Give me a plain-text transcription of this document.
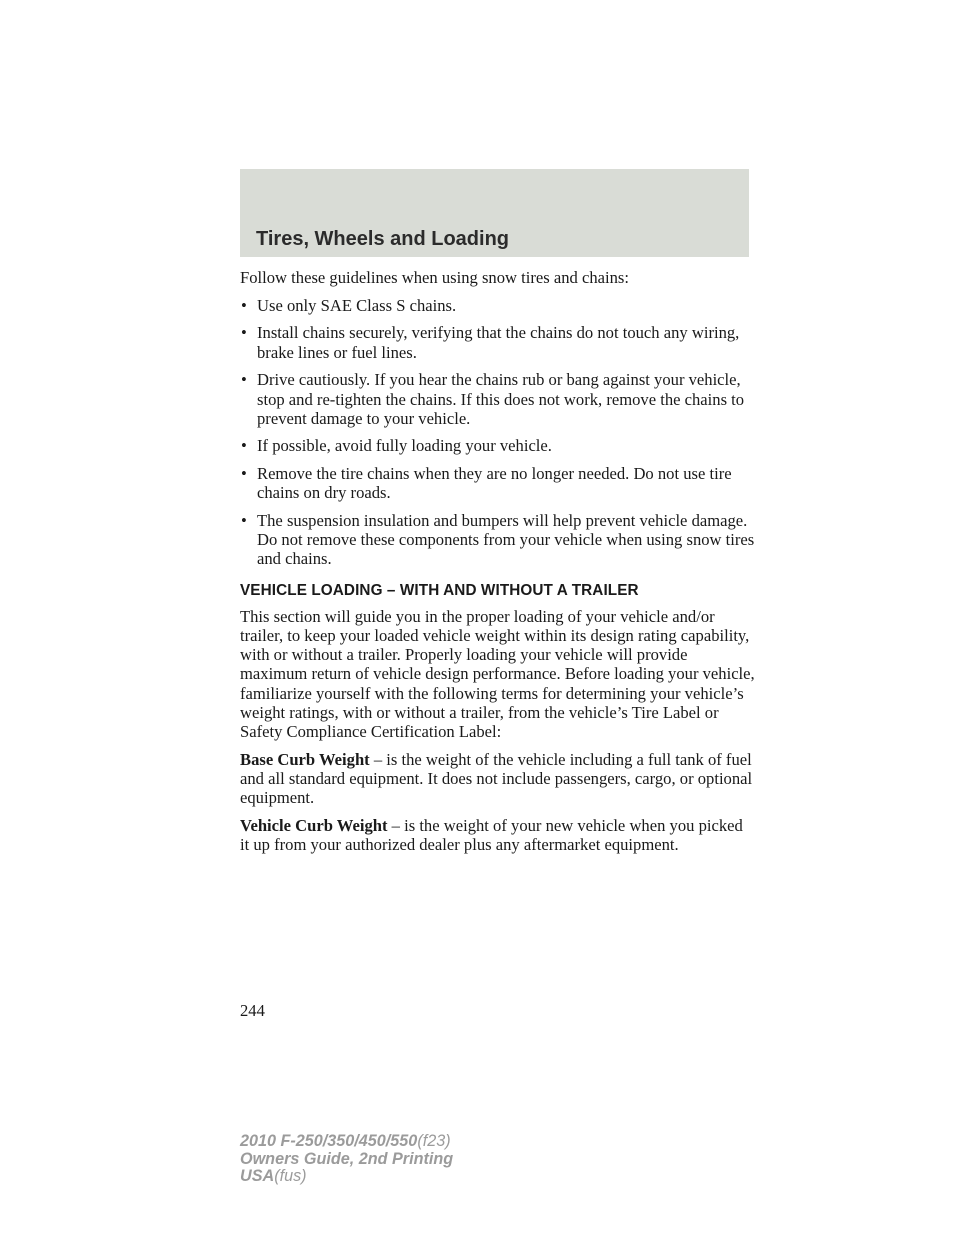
Tires, Wheels and Loading

Follow these guidelines when using snow tires and chains:

• Use only SAE Class S chains.
• Install chains securely, verifying that the chains do not touch any wiring, brake lines or fuel lines.
• Drive cautiously. If you hear the chains rub or bang against your vehicle, stop and re-tighten the chains. If this does not work, remove the chains to prevent damage to your vehicle.
• If possible, avoid fully loading your vehicle.
• Remove the tire chains when they are no longer needed. Do not use tire chains on dry roads.
• The suspension insulation and bumpers will help prevent vehicle damage. Do not remove these components from your vehicle when using snow tires and chains.
VEHICLE LOADING – WITH AND WITHOUT A TRAILER

This section will guide you in the proper loading of your vehicle and/or trailer, to keep your loaded vehicle weight within its design rating capability, with or without a trailer. Properly loading your vehicle will provide maximum return of vehicle design performance. Before loading your vehicle, familiarize yourself with the following terms for determining your vehicle’s weight ratings, with or without a trailer, from the vehicle’s Tire Label or Safety Compliance Certification Label:

Base Curb Weight – is the weight of the vehicle including a full tank of fuel and all standard equipment. It does not include passengers, cargo, or optional equipment.

Vehicle Curb Weight – is the weight of your new vehicle when you picked it up from your authorized dealer plus any aftermarket equipment.

244
2010 F-250/350/450/550(f23)
Owners Guide, 2nd Printing
USA(fus)
